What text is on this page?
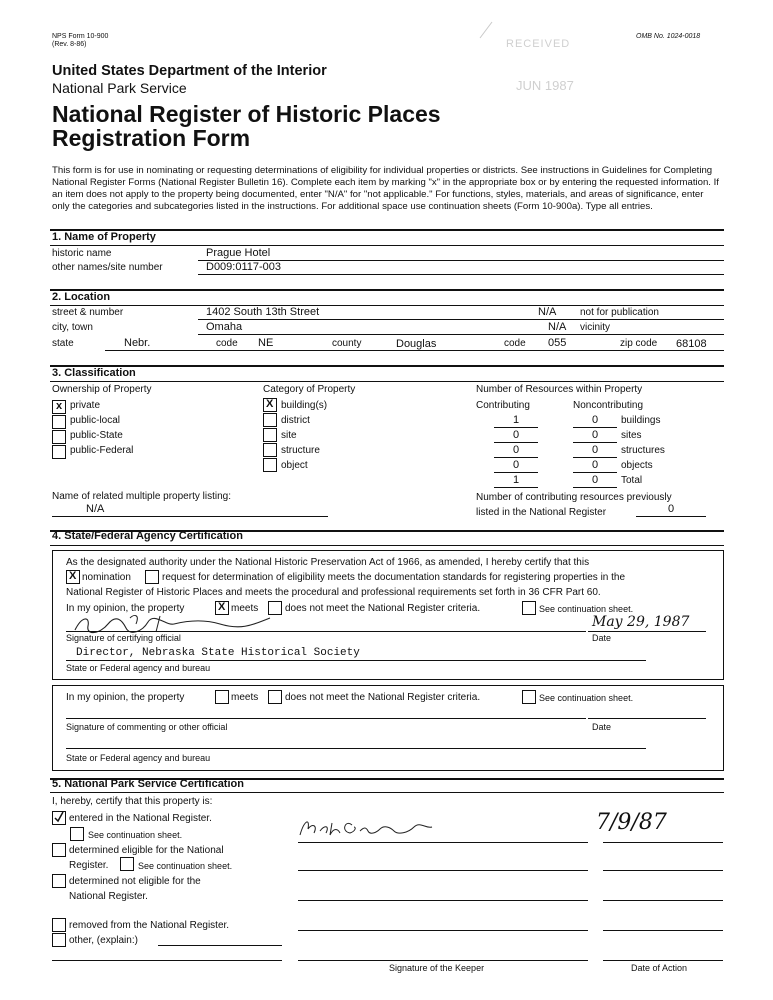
NPS Form 10-900
(Rev. 8-86)
OMB No. 1024-0018
RECEIVED
JUN 1987
United States Department of the Interior
National Park Service
National Register of Historic Places
Registration Form
This form is for use in nominating or requesting determinations of eligibility for individual properties or districts. See instructions in Guidelines for Completing National Register Forms (National Register Bulletin 16). Complete each item by marking "x" in the appropriate box or by entering the requested information. If an item does not apply to the property being documented, enter "N/A" for "not applicable." For functions, styles, materials, and areas of significance, enter only the categories and subcategories listed in the instructions. For additional space use continuation sheets (Form 10-900a). Type all entries.
1. Name of Property
historic name	Prague Hotel
other names/site number	D009:0117-003
2. Location
street & number	1402 South 13th Street	N/A not for publication
city, town	Omaha	N/A vicinity
state	Nebr.	code NE	county	Douglas	code 055	zip code 68108
3. Classification
Ownership of Property	Category of Property	Number of Resources within Property
x private
public-local
public-State
public-Federal
X building(s)
district
site
structure
object
Contributing	Noncontributing
1	0	buildings
0	0	sites
0	0	structures
0	0	objects
1	0	Total
Name of related multiple property listing:
N/A
Number of contributing resources previously
listed in the National Register	0
4. State/Federal Agency Certification
As the designated authority under the National Historic Preservation Act of 1966, as amended, I hereby certify that this
X nomination	request for determination of eligibility meets the documentation standards for registering properties in the
National Register of Historic Places and meets the procedural and professional requirements set forth in 36 CFR Part 60.
In my opinion, the property	X meets	does not meet the National Register criteria.	See continuation sheet.
May 29, 1987
Signature of certifying official	Date
Director, Nebraska State Historical Society
State or Federal agency and bureau
In my opinion, the property	meets	does not meet the National Register criteria.	See continuation sheet.
Signature of commenting or other official	Date
State or Federal agency and bureau
5. National Park Service Certification
I, hereby, certify that this property is:
entered in the National Register.
See continuation sheet.
determined eligible for the National
Register.	See continuation sheet.
determined not eligible for the
National Register.
removed from the National Register.
other, (explain:)
7/9/87
Signature of the Keeper	Date of Action
